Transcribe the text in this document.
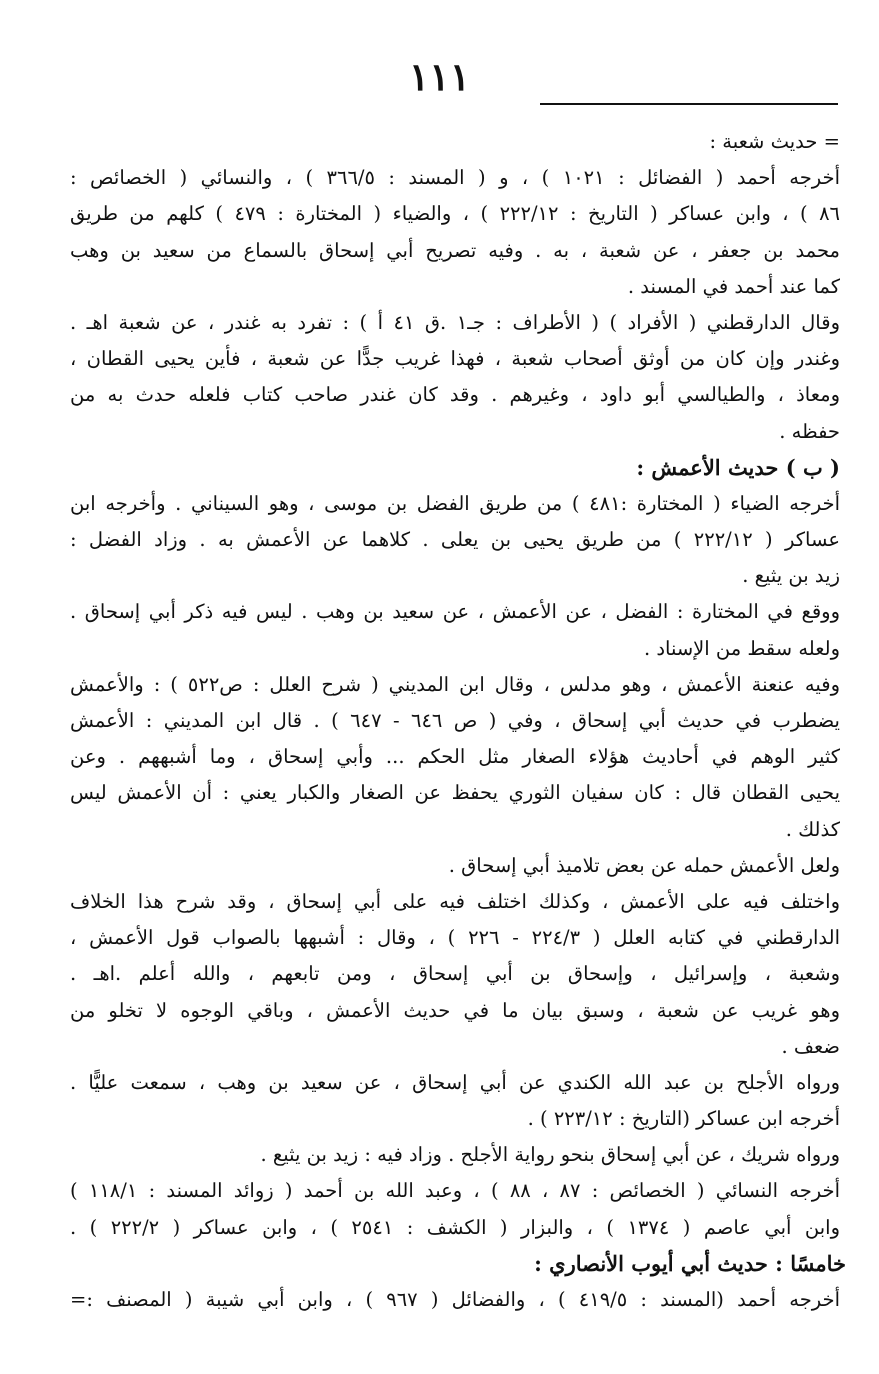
١١١
= حديث شعبة :
أخرجه أحمد ( الفضائل : ١٠٢١ ) ، و ( المسند : ٣٦٦/٥ ) ، والنسائي ( الخصائص :
٨٦ ) ، وابن عساكر ( التاريخ : ٢٢٢/١٢ ) ، والضياء ( المختارة : ٤٧٩ ) كلهم من طريق
محمد بن جعفر ، عن شعبة ، به . وفيه تصريح أبي إسحاق بالسماع من سعيد بن وهب
كما عند أحمد في المسند .
وقال الدارقطني ( الأفراد ) ( الأطراف : جـ١ .ق ٤١ أ ) : تفرد به غندر ، عن شعبة اهـ .
وغندر وإن كان من أوثق أصحاب شعبة ، فهذا غريب جدًّا عن شعبة ، فأين يحيى القطان ،
ومعاذ ، والطيالسي أبو داود ، وغيرهم . وقد كان غندر صاحب كتاب فلعله حدث به من
حفظه .
( ب ) حديث الأعمش :
أخرجه الضياء ( المختارة :٤٨١ ) من طريق الفضل بن موسى ، وهو السيناني . وأخرجه ابن
عساكر ( ٢٢٢/١٢ ) من طريق يحيى بن يعلى . كلاهما عن الأعمش به . وزاد الفضل :
زيد بن يثيع .
ووقع في المختارة : الفضل ، عن الأعمش ، عن سعيد بن وهب . ليس فيه ذكر أبي إسحاق .
ولعله سقط من الإسناد .
وفيه عنعنة الأعمش ، وهو مدلس ، وقال ابن المديني ( شرح العلل : ص٥٢٢ ) : والأعمش
يضطرب في حديث أبي إسحاق ، وفي ( ص ٦٤٦ - ٦٤٧ ) . قال ابن المديني : الأعمش
كثير الوهم في أحاديث هؤلاء الصغار مثل الحكم ... وأبي إسحاق ، وما أشبههم . وعن
يحيى القطان قال : كان سفيان الثوري يحفظ عن الصغار والكبار يعني : أن الأعمش ليس
كذلك .
ولعل الأعمش حمله عن بعض تلاميذ أبي إسحاق .
واختلف فيه على الأعمش ، وكذلك اختلف فيه على أبي إسحاق ، وقد شرح هذا الخلاف
الدارقطني في كتابه العلل ( ٢٢٤/٣ - ٢٢٦ ) ، وقال : أشبهها بالصواب قول الأعمش ،
وشعبة ، وإسرائيل ، وإسحاق بن أبي إسحاق ، ومن تابعهم ، والله أعلم .اهـ .
وهو غريب عن شعبة ، وسبق بيان ما في حديث الأعمش ، وباقي الوجوه لا تخلو من
ضعف .
ورواه الأجلح بن عبد الله الكندي عن أبي إسحاق ، عن سعيد بن وهب ، سمعت عليًّا .
أخرجه ابن عساكر (التاريخ : ٢٢٣/١٢ ) .
ورواه شريك ، عن أبي إسحاق بنحو رواية الأجلح . وزاد فيه : زيد بن يثيع .
أخرجه النسائي ( الخصائص : ٨٧ ، ٨٨ ) ، وعبد الله بن أحمد ( زوائد المسند : ١١٨/١ )
وابن أبي عاصم ( ١٣٧٤ ) ، والبزار ( الكشف : ٢٥٤١ ) ، وابن عساكر ( ٢٢٢/٢ ) .
خامسًا : حديث أبي أيوب الأنصاري :
أخرجه أحمد (المسند : ٤١٩/٥ ) ، والفضائل ( ٩٦٧ ) ، وابن أبي شيبة ( المصنف :=
